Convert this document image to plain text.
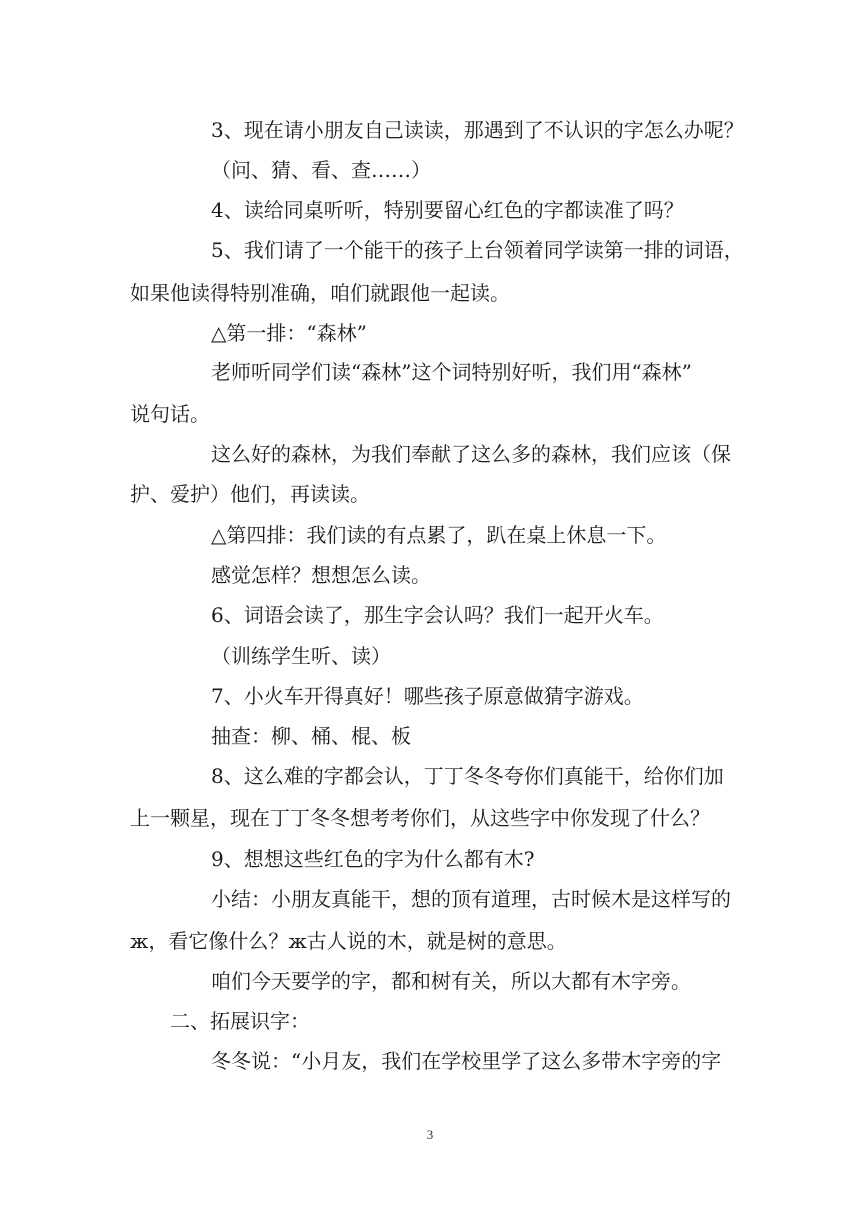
3、现在请小朋友自己读读，那遇到了不认识的字怎么办呢？
（问、猜、看、查……）
4、读给同桌听听，特别要留心红色的字都读准了吗？
5、我们请了一个能干的孩子上台领着同学读第一排的词语，
如果他读得特别准确，咱们就跟他一起读。
△第一排：“森林”
老师听同学们读“森林”这个词特别好听，我们用“森林”
说句话。
这么好的森林，为我们奉献了这么多的森林，我们应该（保
护、爱护）他们，再读读。
△第四排：我们读的有点累了，趴在桌上休息一下。
感觉怎样？想想怎么读。
6、词语会读了，那生字会认吗？我们一起开火车。
（训练学生听、读）
7、小火车开得真好！哪些孩子原意做猜字游戏。
抽查：柳、桶、棍、板
8、这么难的字都会认，丁丁冬冬夸你们真能干，给你们加
上一颗星，现在丁丁冬冬想考考你们，从这些字中你发现了什么？
9、想想这些红色的字为什么都有木?
小结：小朋友真能干，想的顶有道理，古时候木是这样写的
ж，看它像什么？ж古人说的木，就是树的意思。
咱们今天要学的字，都和树有关，所以大都有木字旁。
二、拓展识字：
冬冬说：“小月友，我们在学校里学了这么多带木字旁的字
3
